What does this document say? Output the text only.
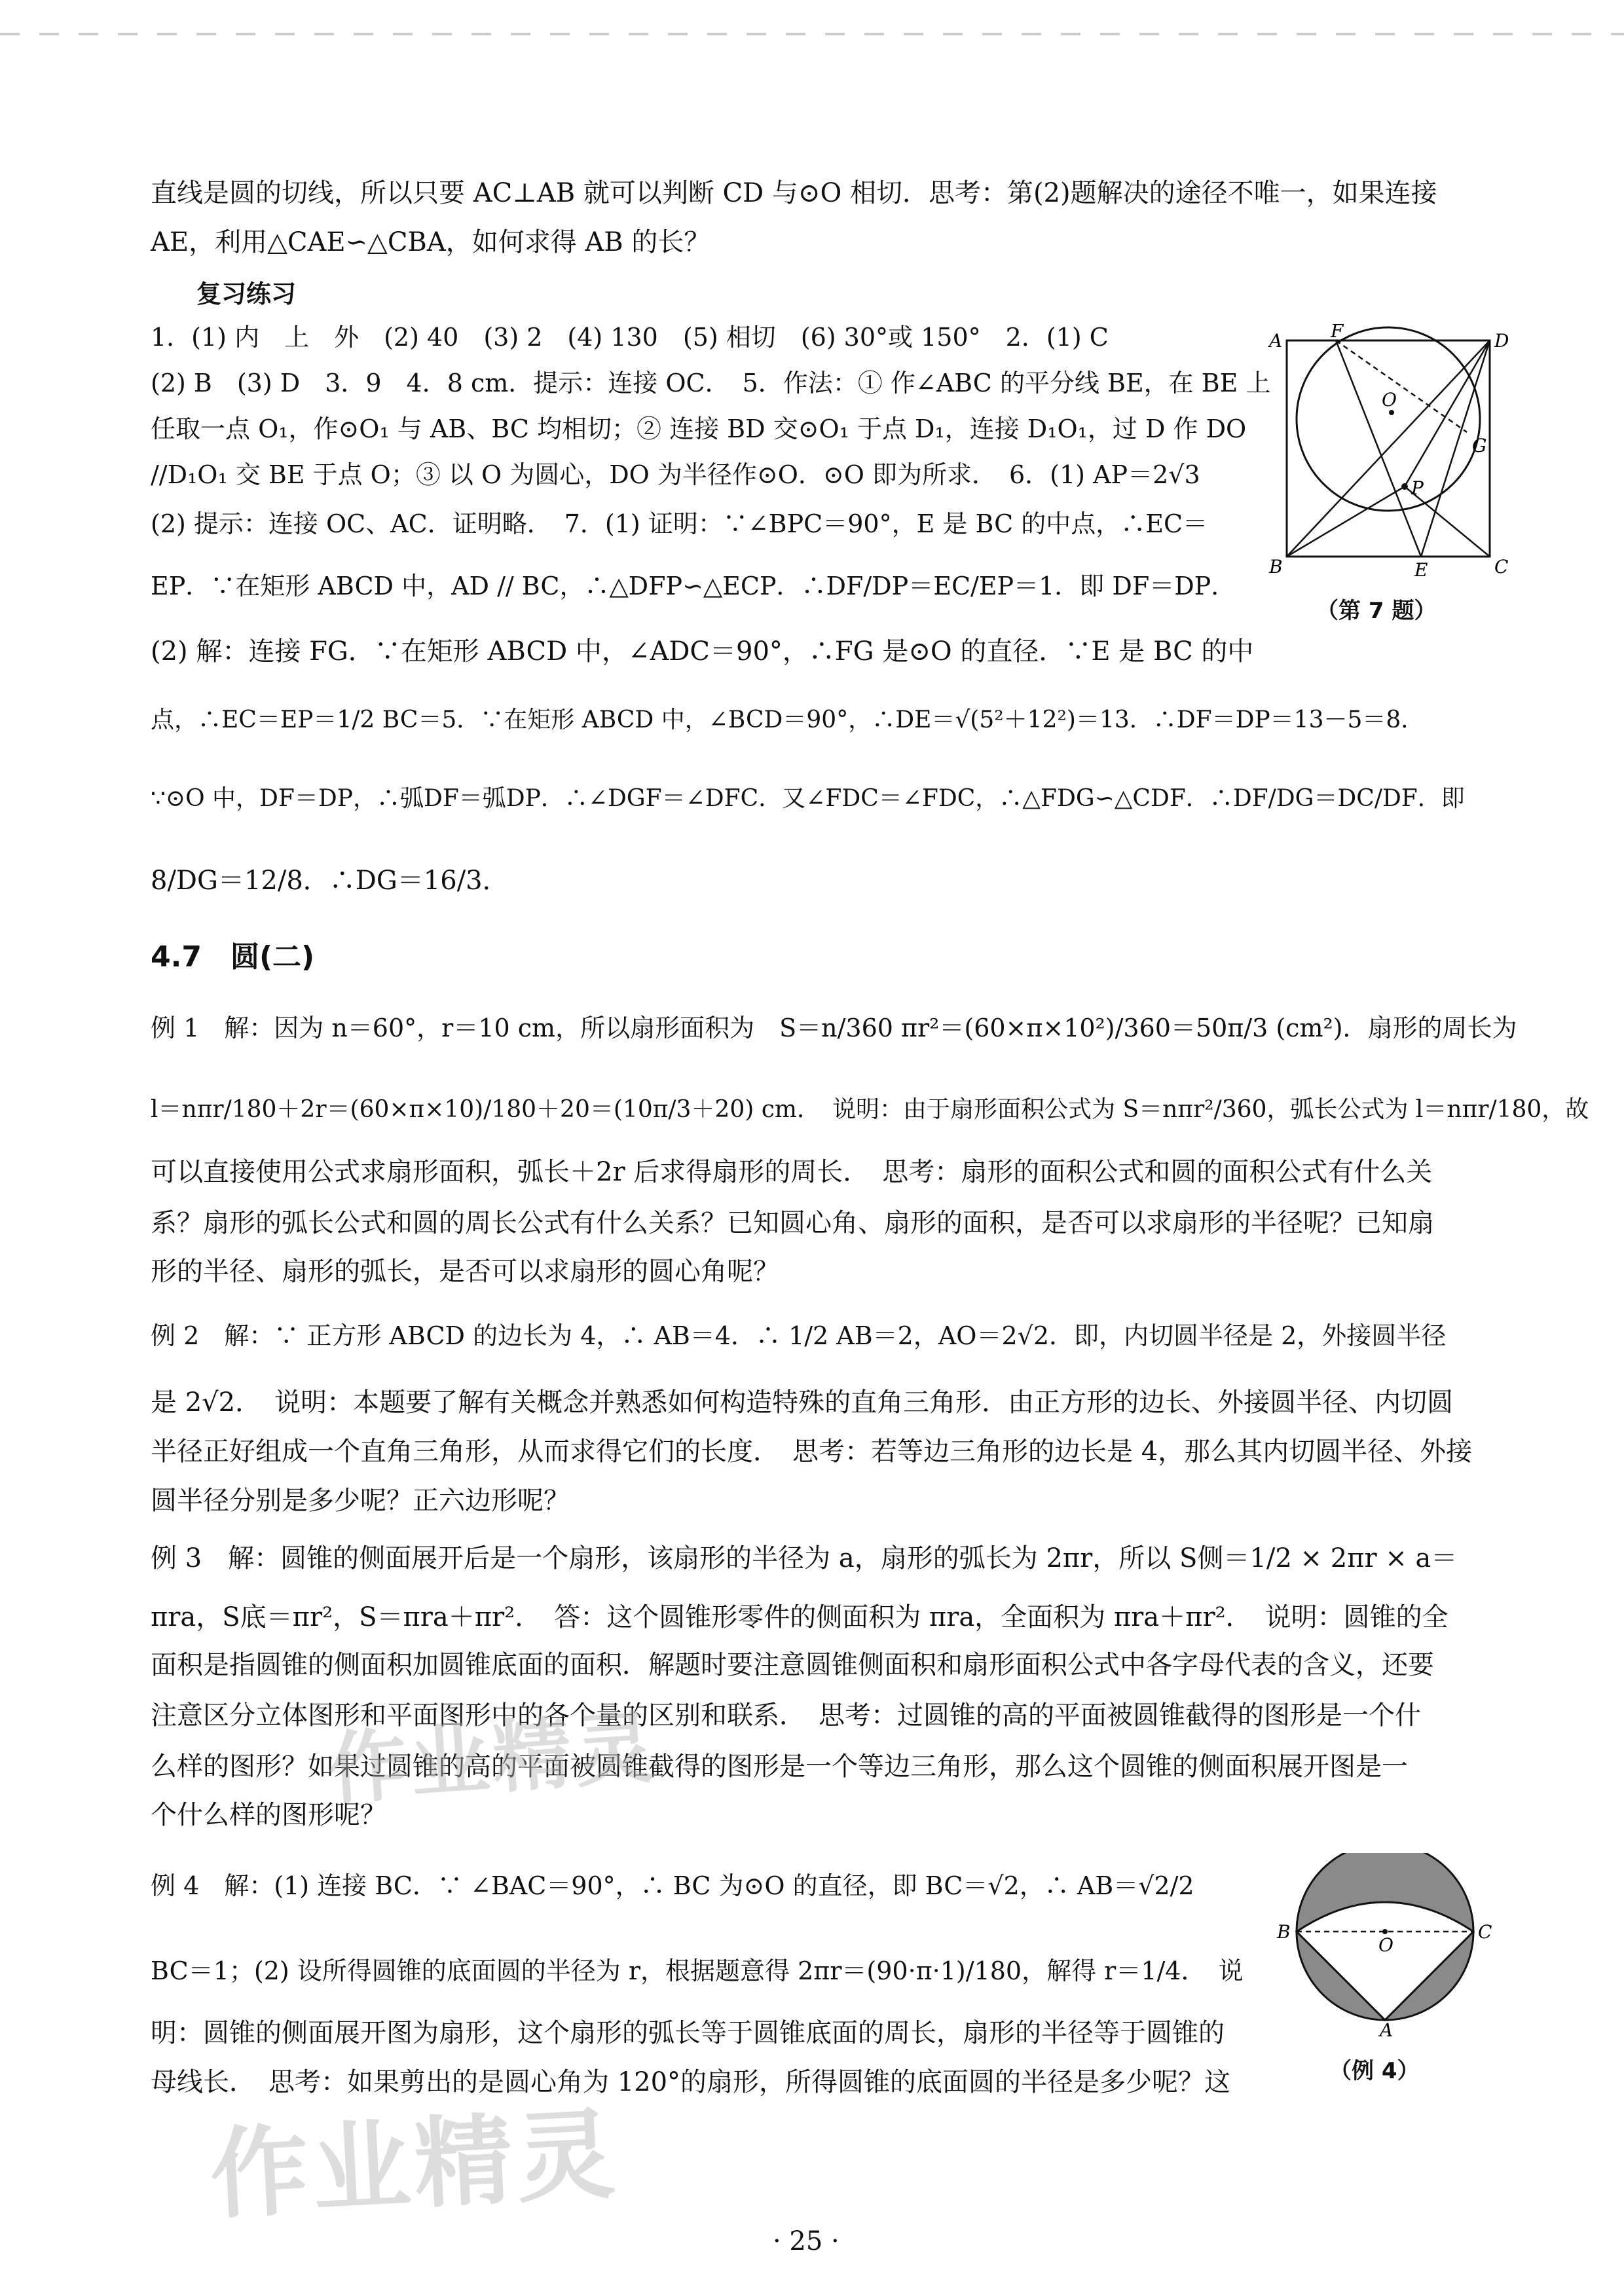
直线是圆的切线，所以只要 AC⊥AB 就可以判断 CD 与⊙O 相切．思考：第(2)题解决的途径不唯一，如果连接
AE，利用△CAE∽△CBA，如何求得 AB 的长？
复习练习
1．(1) 内　上　外　(2) 40　(3) 2　(4) 130　(5) 相切　(6) 30°或 150°　2．(1) C
(2) B　(3) D　3．9　4．8 cm．提示：连接 OC．　5．作法：① 作∠ABC 的平分线 BE，在 BE 上
任取一点 O₁，作⊙O₁ 与 AB、BC 均相切；② 连接 BD 交⊙O₁ 于点 D₁，连接 D₁O₁，过 D 作 DO
//D₁O₁ 交 BE 于点 O；③ 以 O 为圆心，DO 为半径作⊙O．⊙O 即为所求．　6．(1) AP＝2√3
(2) 提示：连接 OC、AC．证明略．　7．(1) 证明：∵∠BPC＝90°，E 是 BC 的中点，∴EC＝
EP．∵在矩形 ABCD 中，AD // BC，∴△DFP∽△ECP．∴DF/DP＝EC/EP＝1．即 DF＝DP．
(2) 解：连接 FG．∵在矩形 ABCD 中，∠ADC＝90°，∴FG 是⊙O 的直径．∵E 是 BC 的中
点，∴EC＝EP＝1/2 BC＝5．∵在矩形 ABCD 中，∠BCD＝90°，∴DE＝√(5²＋12²)＝13．∴DF＝DP＝13－5＝8．
∵⊙O 中，DF＝DP，∴弧DF＝弧DP．∴∠DGF＝∠DFC．又∠FDC＝∠FDC，∴△FDG∽△CDF．∴DF/DG＝DC/DF．即
8/DG＝12/8．∴DG＝16/3．
A	F	D
O
G
P
B	E	C
（第 7 题）
4.7　圆(二)
例 1　解：因为 n＝60°，r＝10 cm，所以扇形面积为　S＝n/360 πr²＝(60×π×10²)/360＝50π/3 (cm²)．扇形的周长为
l＝nπr/180＋2r＝(60×π×10)/180＋20＝(10π/3＋20) cm．　说明：由于扇形面积公式为 S＝nπr²/360，弧长公式为 l＝nπr/180，故
可以直接使用公式求扇形面积，弧长＋2r 后求得扇形的周长．　思考：扇形的面积公式和圆的面积公式有什么关
系？扇形的弧长公式和圆的周长公式有什么关系？已知圆心角、扇形的面积，是否可以求扇形的半径呢？已知扇
形的半径、扇形的弧长，是否可以求扇形的圆心角呢？
例 2　解：∵ 正方形 ABCD 的边长为 4，∴ AB＝4．∴ 1/2 AB＝2，AO＝2√2．即，内切圆半径是 2，外接圆半径
是 2√2．　说明：本题要了解有关概念并熟悉如何构造特殊的直角三角形．由正方形的边长、外接圆半径、内切圆
半径正好组成一个直角三角形，从而求得它们的长度．　思考：若等边三角形的边长是 4，那么其内切圆半径、外接
圆半径分别是多少呢？正六边形呢？
例 3　解：圆锥的侧面展开后是一个扇形，该扇形的半径为 a，扇形的弧长为 2πr，所以 S侧＝1/2 × 2πr × a＝
πra，S底＝πr²，S＝πra＋πr²．　答：这个圆锥形零件的侧面积为 πra，全面积为 πra＋πr²．　说明：圆锥的全
面积是指圆锥的侧面积加圆锥底面的面积．解题时要注意圆锥侧面积和扇形面积公式中各字母代表的含义，还要
注意区分立体图形和平面图形中的各个量的区别和联系．　思考：过圆锥的高的平面被圆锥截得的图形是一个什
么样的图形？如果过圆锥的高的平面被圆锥截得的图形是一个等边三角形，那么这个圆锥的侧面积展开图是一
个什么样的图形呢？
例 4　解：(1) 连接 BC．∵ ∠BAC＝90°，∴ BC 为⊙O 的直径，即 BC＝√2，∴ AB＝√2/2
BC＝1；(2) 设所得圆锥的底面圆的半径为 r，根据题意得 2πr＝(90·π·1)/180，解得 r＝1/4．　说
明：圆锥的侧面展开图为扇形，这个扇形的弧长等于圆锥底面的周长，扇形的半径等于圆锥的
母线长．　思考：如果剪出的是圆心角为 120°的扇形，所得圆锥的底面圆的半径是多少呢？这
B
O
C
A
（例 4）
· 25 ·
作业精灵
作业精灵
